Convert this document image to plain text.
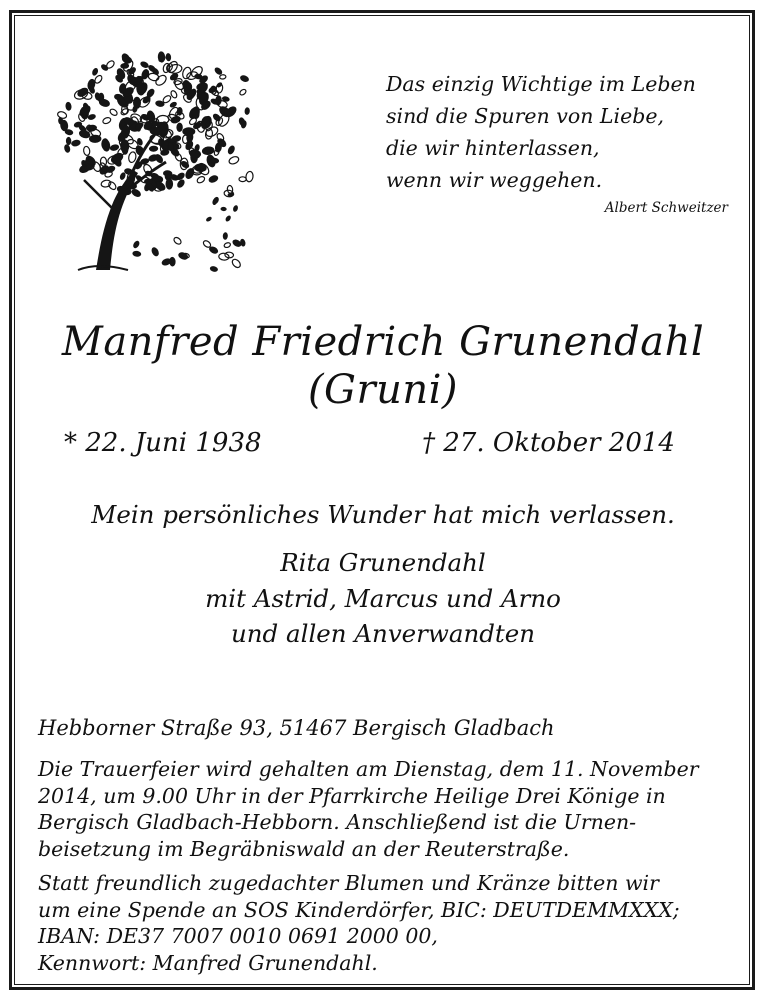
Das einzig Wichtige im Leben
sind die Spuren von Liebe,
die wir hinterlassen,
wenn wir weggehen.
Albert Schweitzer
Manfred Friedrich Grunendahl
(Gruni)
* 22. Juni 1938	† 27. Oktober 2014
Mein persönliches Wunder hat mich verlassen.
Rita Grunendahl
mit Astrid, Marcus und Arno
und allen Anverwandten
Hebborner Straße 93, 51467 Bergisch Gladbach
Die Trauerfeier wird gehalten am Dienstag, dem 11. November
2014, um 9.00 Uhr in der Pfarrkirche Heilige Drei Könige in
Bergisch Gladbach-Hebborn. Anschließend ist die Urnen-
beisetzung im Begräbniswald an der Reuterstraße.
Statt freundlich zugedachter Blumen und Kränze bitten wir
um eine Spende an SOS Kinderdörfer, BIC: DEUTDEMMXXX;
IBAN: DE37 7007 0010 0691 2000 00,
Kennwort: Manfred Grunendahl.
